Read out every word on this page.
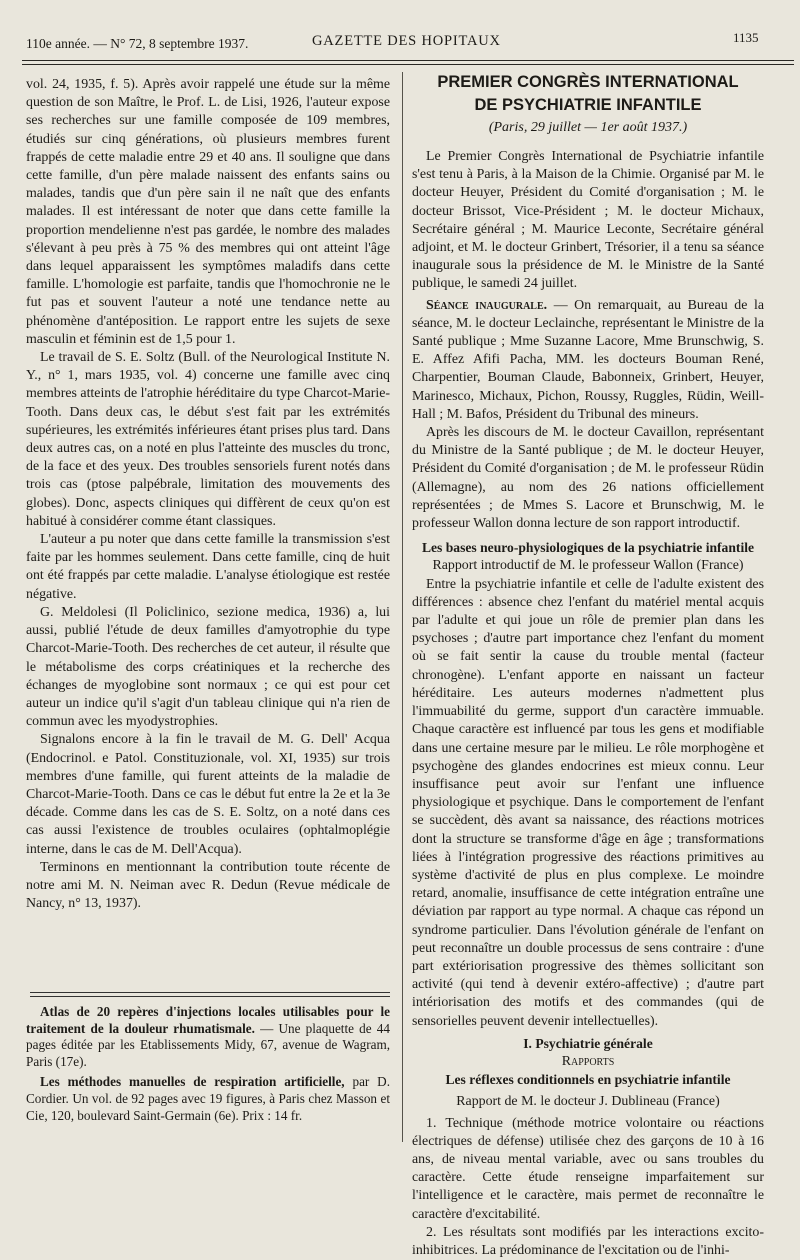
110e année. — N° 72, 8 septembre 1937.	GAZETTE DES HOPITAUX	1135

vol. 24, 1935, f. 5). Après avoir rappelé une étude sur la même question de son Maître, le Prof. L. de Lisi, 1926, l'auteur expose ses recherches sur une famille composée de 109 membres, étudiés sur cinq générations, où plusieurs membres furent frappés de cette maladie entre 29 et 40 ans. Il souligne que dans cette famille, d'un père malade naissent des enfants sains ou malades, tandis que d'un père sain il ne naît que des enfants malades. Il est intéressant de noter que dans cette famille la proportion mendelienne n'est pas gardée, le nombre des malades s'élevant à peu près à 75 % des membres qui ont atteint l'âge dans lequel apparaissent les symptômes maladifs dans cette famille. L'homologie est parfaite, tandis que l'homochronie ne le fut pas et souvent l'auteur a noté une tendance nette au phénomène d'antéposition. Le rapport entre les sujets de sexe masculin et féminin est de 1,5 pour 1.

Le travail de S. E. Soltz (Bull. of the Neurological Institute N. Y., n° 1, mars 1935, vol. 4) concerne une famille avec cinq membres atteints de l'atrophie héréditaire du type Charcot-Marie-Tooth. Dans deux cas, le début s'est fait par les extrémités supérieures, les extrémités inférieures étant prises plus tard. Dans deux autres cas, on a noté en plus l'atteinte des muscles du tronc, de la face et des yeux. Des troubles sensoriels furent notés dans trois cas (ptose palpébrale, limitation des mouvements des globes). Donc, aspects cliniques qui diffèrent de ceux qu'on est habitué à considérer comme étant classiques.

L'auteur a pu noter que dans cette famille la transmission s'est faite par les hommes seulement. Dans cette famille, cinq de huit ont été frappés par cette maladie. L'analyse étiologique est restée négative.

G. Meldolesi (Il Policlinico, sezione medica, 1936) a, lui aussi, publié l'étude de deux familles d'amyotrophie du type Charcot-Marie-Tooth. Des recherches de cet auteur, il résulte que le métabolisme des corps créatiniques et la recherche des échanges de myoglobine sont normaux ; ce qui est pour cet auteur un indice qu'il s'agit d'un tableau clinique qui n'a rien de commun avec les myodystrophies.

Signalons encore à la fin le travail de M. G. Dell' Acqua (Endocrinol. e Patol. Constituzionale, vol. XI, 1935) sur trois membres d'une famille, qui furent atteints de la maladie de Charcot-Marie-Tooth. Dans ce cas le début fut entre la 2e et la 3e décade. Comme dans les cas de S. E. Soltz, on a noté dans ces cas aussi l'existence de troubles oculaires (ophtalmoplégie interne, dans le cas de M. Dell'Acqua).

Terminons en mentionnant la contribution toute récente de notre ami M. N. Neiman avec R. Dedun (Revue médicale de Nancy, n° 13, 1937).

Atlas de 20 repères d'injections locales utilisables pour le traitement de la douleur rhumatismale. — Une plaquette de 44 pages éditée par les Etablissements Midy, 67, avenue de Wagram, Paris (17e).

Les méthodes manuelles de respiration artificielle, par D. Cordier. Un vol. de 92 pages avec 19 figures, à Paris chez Masson et Cie, 120, boulevard Saint-Germain (6e). Prix : 14 fr.

PREMIER CONGRÈS INTERNATIONAL
DE PSYCHIATRIE INFANTILE
(Paris, 29 juillet — 1er août 1937.)

Le Premier Congrès International de Psychiatrie infantile s'est tenu à Paris, à la Maison de la Chimie. Organisé par M. le docteur Heuyer, Président du Comité d'organisation ; M. le docteur Brissot, Vice-Président ; M. le docteur Michaux, Secrétaire général ; M. Maurice Leconte, Secrétaire général adjoint, et M. le docteur Grinbert, Trésorier, il a tenu sa séance inaugurale sous la présidence de M. le Ministre de la Santé publique, le samedi 24 juillet.

Séance inaugurale. — On remarquait, au Bureau de la séance, M. le docteur Leclainche, représentant le Ministre de la Santé publique ; Mme Suzanne Lacore, Mme Brunschwig, S. E. Affez Afifi Pacha, MM. les docteurs Bouman René, Charpentier, Bouman Claude, Babonneix, Grinbert, Heuyer, Marinesco, Michaux, Pichon, Roussy, Ruggles, Rüdin, Weill-Hall ; M. Bafos, Président du Tribunal des mineurs.

Après les discours de M. le docteur Cavaillon, représentant du Ministre de la Santé publique ; de M. le docteur Heuyer, Président du Comité d'organisation ; de M. le professeur Rüdin (Allemagne), au nom des 26 nations officiellement représentées ; de Mmes S. Lacore et Brunschwig, M. le professeur Wallon donna lecture de son rapport introductif.

Les bases neuro-physiologiques de la psychiatrie infantile

Rapport introductif de M. le professeur Wallon (France)

Entre la psychiatrie infantile et celle de l'adulte existent des différences : absence chez l'enfant du matériel mental acquis par l'adulte et qui joue un rôle de premier plan dans les psychoses ; d'autre part importance chez l'enfant du moment où se fait sentir la cause du trouble mental (facteur chronogène). L'enfant apporte en naissant un facteur héréditaire. Les auteurs modernes n'admettent plus l'immuabilité du germe, support d'un caractère immuable. Chaque caractère est influencé par tous les gens et modifiable dans une certaine mesure par le milieu. Le rôle morphogène et psychogène des glandes endocrines est mieux connu. Leur insuffisance peut avoir sur l'enfant une influence physiologique et psychique. Dans le comportement de l'enfant se succèdent, dès avant sa naissance, des réactions motrices dont la structure se transforme d'âge en âge ; transformations liées à l'intégration progressive des réactions primitives au système d'activité de plus en plus complexe. Le moindre retard, anomalie, insuffisance de cette intégration entraîne une déviation par rapport au type normal. A chaque cas répond un syndrome particulier. Dans l'évolution générale de l'enfant on peut reconnaître un double processus de sens contraire : d'une part extériorisation progressive des thèmes sollicitant son activité (qui tend à devenir extéro-affective) ; d'autre part intériorisation des motifs et des commandes (qui de sensorielles peuvent devenir intellectuelles).

I. Psychiatrie générale

Rapports

Les réflexes conditionnels en psychiatrie infantile

Rapport de M. le docteur J. Dublineau (France)

1. Technique (méthode motrice volontaire ou réactions électriques de défense) utilisée chez des garçons de 10 à 16 ans, de niveau mental variable, avec ou sans troubles du caractère. Cette étude renseigne imparfaitement sur l'intelligence et le caractère, mais permet de reconnaître le caractère d'excitabilité.

2. Les résultats sont modifiés par les interactions excito-inhibitrices. La prédominance de l'excitation ou de l'inhi-
